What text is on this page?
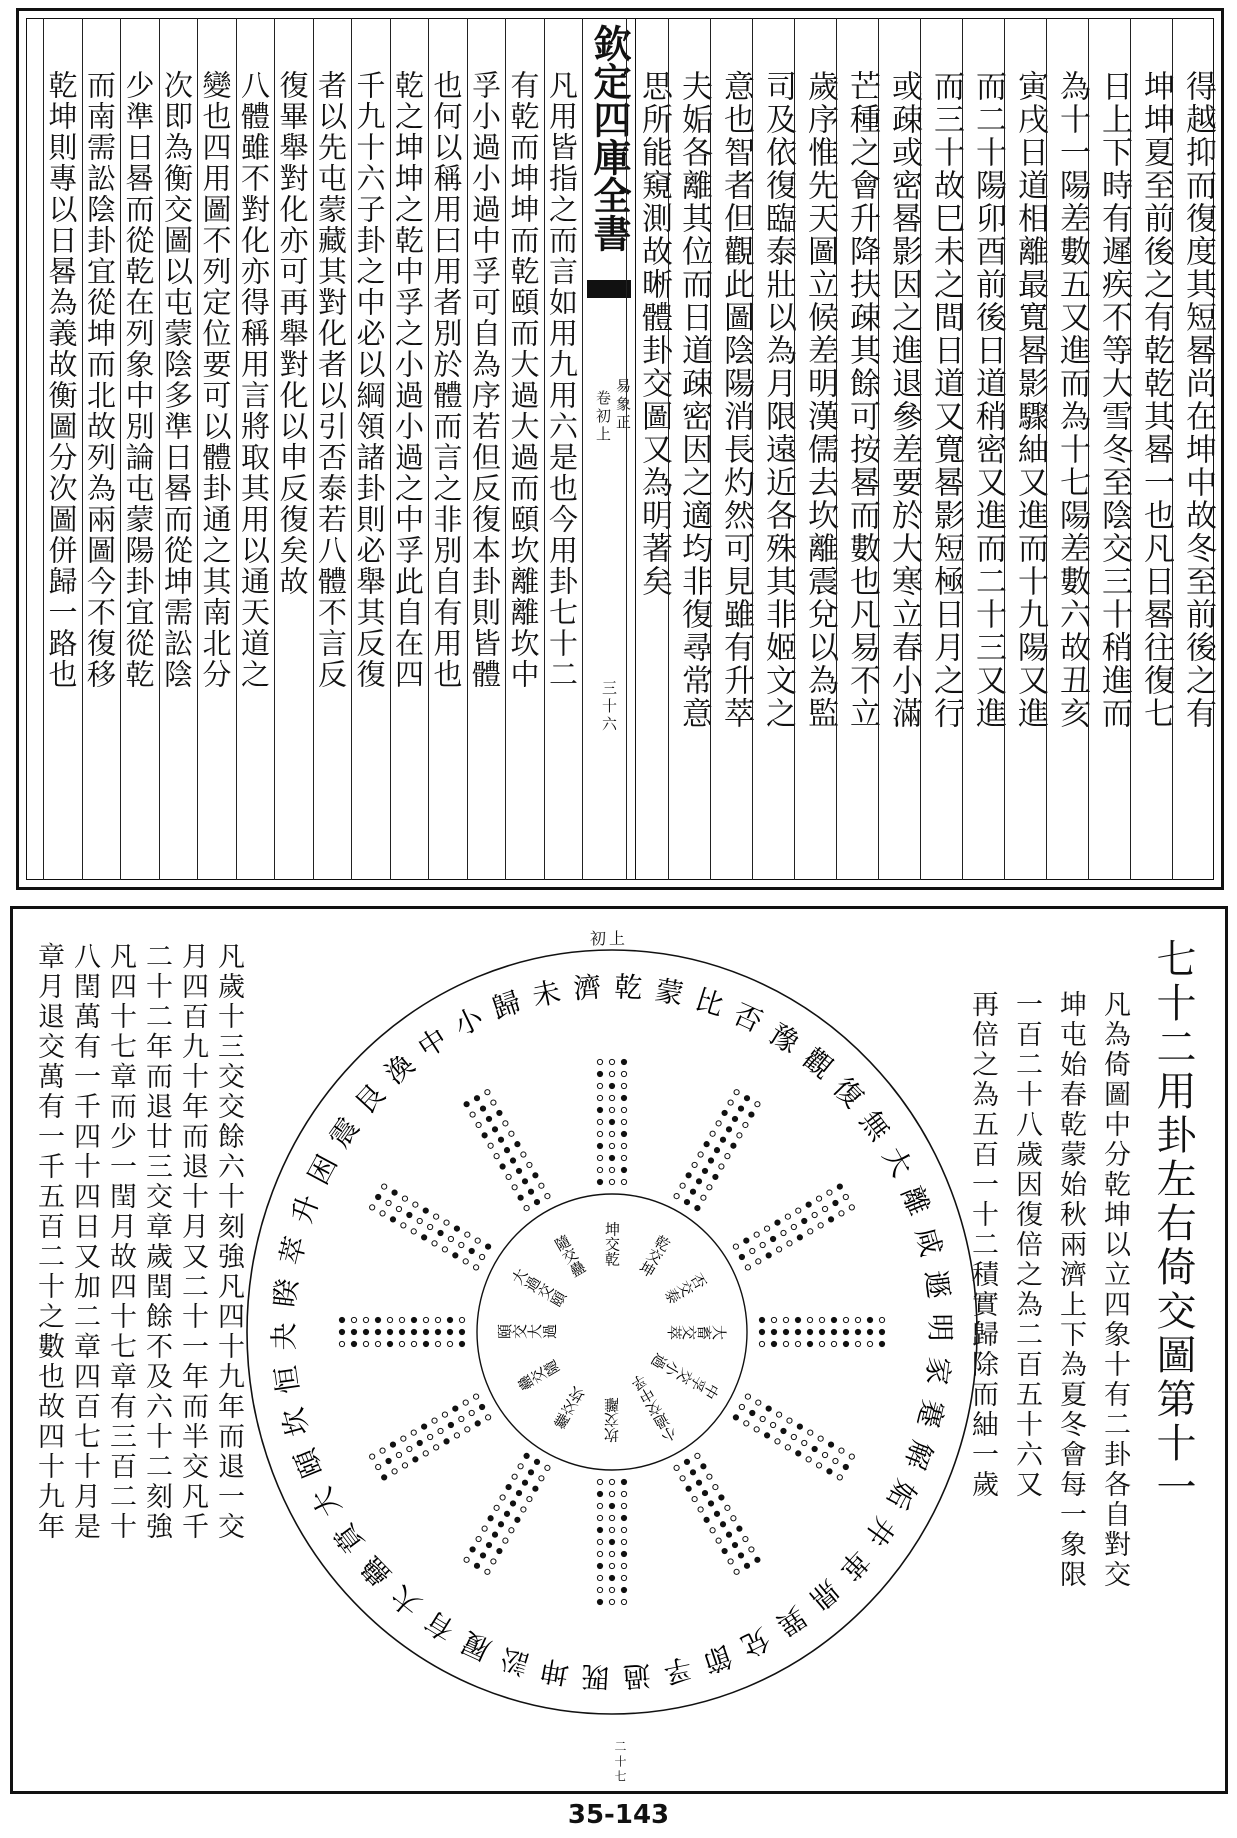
欽定四庫全書
易象正
卷初上
三十六	得越抑而復度其短晷尚在坤中故冬至前後之有
坤坤夏至前後之有乾乾其晷一也凡日晷往復七
日上下時有遲疾不等大雪冬至陰交三十稍進而
為十一陽差數五又進而為十七陽差數六故丑亥
寅戌日道相離最寬晷影驟紬又進而十九陽又進
而二十陽卯酉前後日道稍密又進而二十三又進
而三十故巳未之間日道又寬晷影短極日月之行
或疎或密晷影因之進退參差要於大寒立春小滿
芒種之會升降扶疎其餘可按晷而數也凡易不立
歲序惟先天圖立候差明漢儒去坎離震兌以為監
司及依復臨泰壯以為月限遠近各殊其非姬文之
意也智者但觀此圖陰陽消長灼然可見雖有升萃
夫姤各離其位而日道疎密因之適均非復尋常意
思所能窺測故晰體卦交圖又為明著矣
凡用皆指之而言如用九用六是也今用卦七十二
有乾而坤坤而乾頤而大過大過而頤坎離離坎中
孚小過小過中孚可自為序若但反復本卦則皆體
也何以稱用曰用者別於體而言之非別自有用也
乾之坤坤之乾中孚之小過小過之中孚此自在四
千九十六子卦之中必以綱領諸卦則必舉其反復
者以先屯蒙藏其對化者以引否泰若八體不言反
復畢舉對化亦可再舉對化以申反復矣故
八體雖不對化亦得稱用言將取其用以通天道之
變也四用圖不列定位要可以體卦通之其南北分
次即為衡交圖以屯蒙陰多準日晷而從坤需訟陰
少準日晷而從乾在列象中別論屯蒙陽卦宜從乾
而南需訟陰卦宜從坤而北故列為兩圖今不復移
乾坤則專以日晷為義故衡圖分次圖併歸一路也
初上
二十七
七十二用卦左右倚交圖第十一
凡為倚圖中分乾坤以立四象十有二卦各自對交
坤屯始春乾蒙始秋兩濟上下為夏冬會每一象限
一百二十八歲因復倍之為二百五十六又
再倍之為五百一十二積實歸除而紬一歲
凡歲十三交交餘六十刻強凡四十九年而退一交
月四百九十年而退十月又二十一年而半交凡千
二十二年而退廿三交章歲閏餘不及六十二刻強
凡四十七章而少一閏月故四十七章有三百二十
八閏萬有一千四十四日又加二章四百七十月是
章月退交萬有一千五百二十之數也故四十九年	乾 蒙 比 否
豫
觀
復
無
大
離
咸
遯
明
家
蹇
解
姤
井
革
鼎
巽
兌
節
孚
過
既
坤
訟
履
有
大
蠱
賁
大
頤
坎
恒
夬
睽
萃
升
困
震
艮
渙
中
小 歸 未 濟
坤交乾 乾交坤
否交泰
大畜交萃
中孚交小過
小過交中孚
坎交離
離交坎
蠱交隨
頤交大過
大過交頤
隨交蠱
35-143
